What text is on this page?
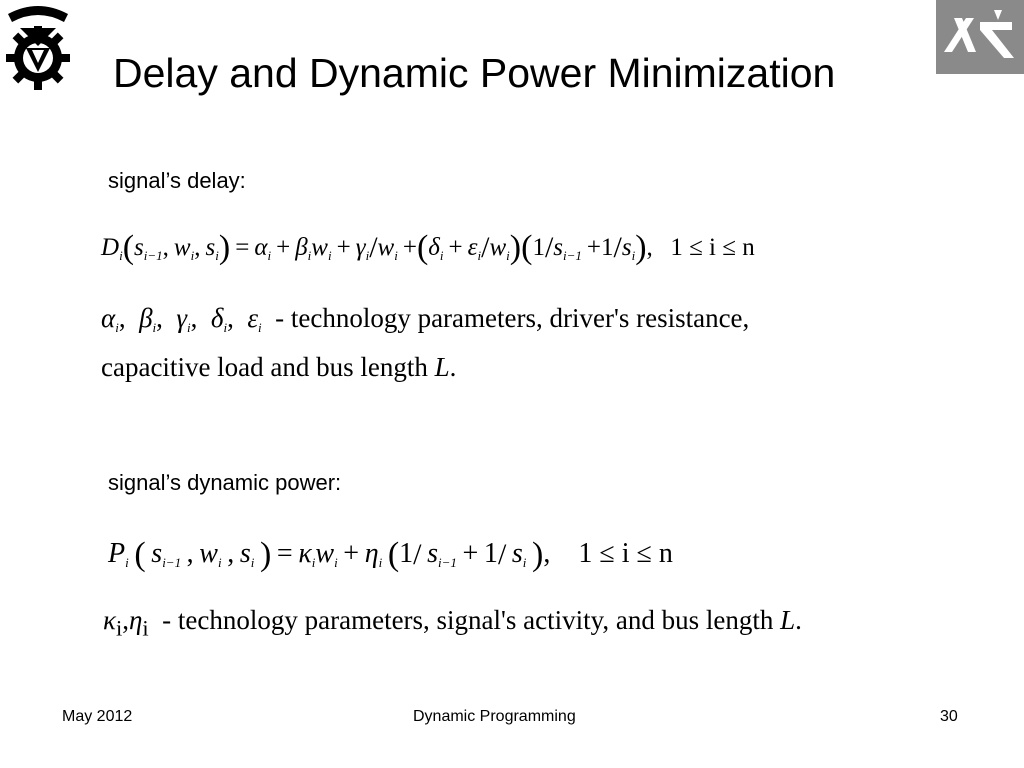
Delay and Dynamic Power Minimization
signal’s delay:
$D_i(s_{i-1}$, $w_i$, $s_i) = \alpha_i + \beta_iw_i + \gamma_i/w_i +(\delta_i + \varepsilon_i/w_i)(1/s_{i-1} +1/s_i)$,  1 ≤ i ≤ n
$\alpha_i$, $\beta_i$, $\gamma_i$, $\delta_i$, $\varepsilon_i$  - technology parameters, driver's resistance,
capacitive load and bus length L.
signal’s dynamic power:
$P_i$  (  $s_{i-1}$ , $w_i$ , $s_i$  ) = $\kappa_iw_i + \eta_i$  (1/  $s_{i-1} + 1/$  $s_i$  ), 1 ≤ i ≤ n
$\kappa_i,\eta_i$  - technology parameters, signal's activity, and bus length L.
May 2012	Dynamic Programming	30
